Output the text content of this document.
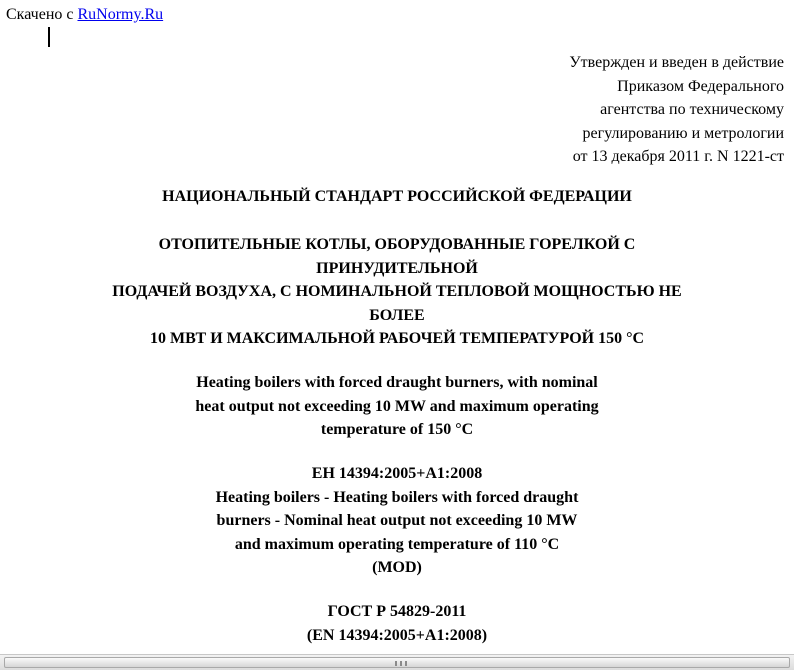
Скачено с RuNormy.Ru
Утвержден и введен в действие
Приказом Федерального
агентства по техническому
регулированию и метрологии
от 13 декабря 2011 г. N 1221-ст
НАЦИОНАЛЬНЫЙ СТАНДАРТ РОССИЙСКОЙ ФЕДЕРАЦИИ
ОТОПИТЕЛЬНЫЕ КОТЛЫ, ОБОРУДОВАННЫЕ ГОРЕЛКОЙ С
ПРИНУДИТЕЛЬНОЙ
ПОДАЧЕЙ ВОЗДУХА, С НОМИНАЛЬНОЙ ТЕПЛОВОЙ МОЩНОСТЬЮ НЕ
БОЛЕЕ
10 МВТ И МАКСИМАЛЬНОЙ РАБОЧЕЙ ТЕМПЕРАТУРОЙ 150 °С
Heating boilers with forced draught burners, with nominal
heat output not exceeding 10 MW and maximum operating
temperature of 150 °C
ЕН 14394:2005+А1:2008
Heating boilers - Heating boilers with forced draught
burners - Nominal heat output not exceeding 10 MW
and maximum operating temperature of 110 °C
(MOD)
ГОСТ Р 54829-2011
(EN 14394:2005+A1:2008)
